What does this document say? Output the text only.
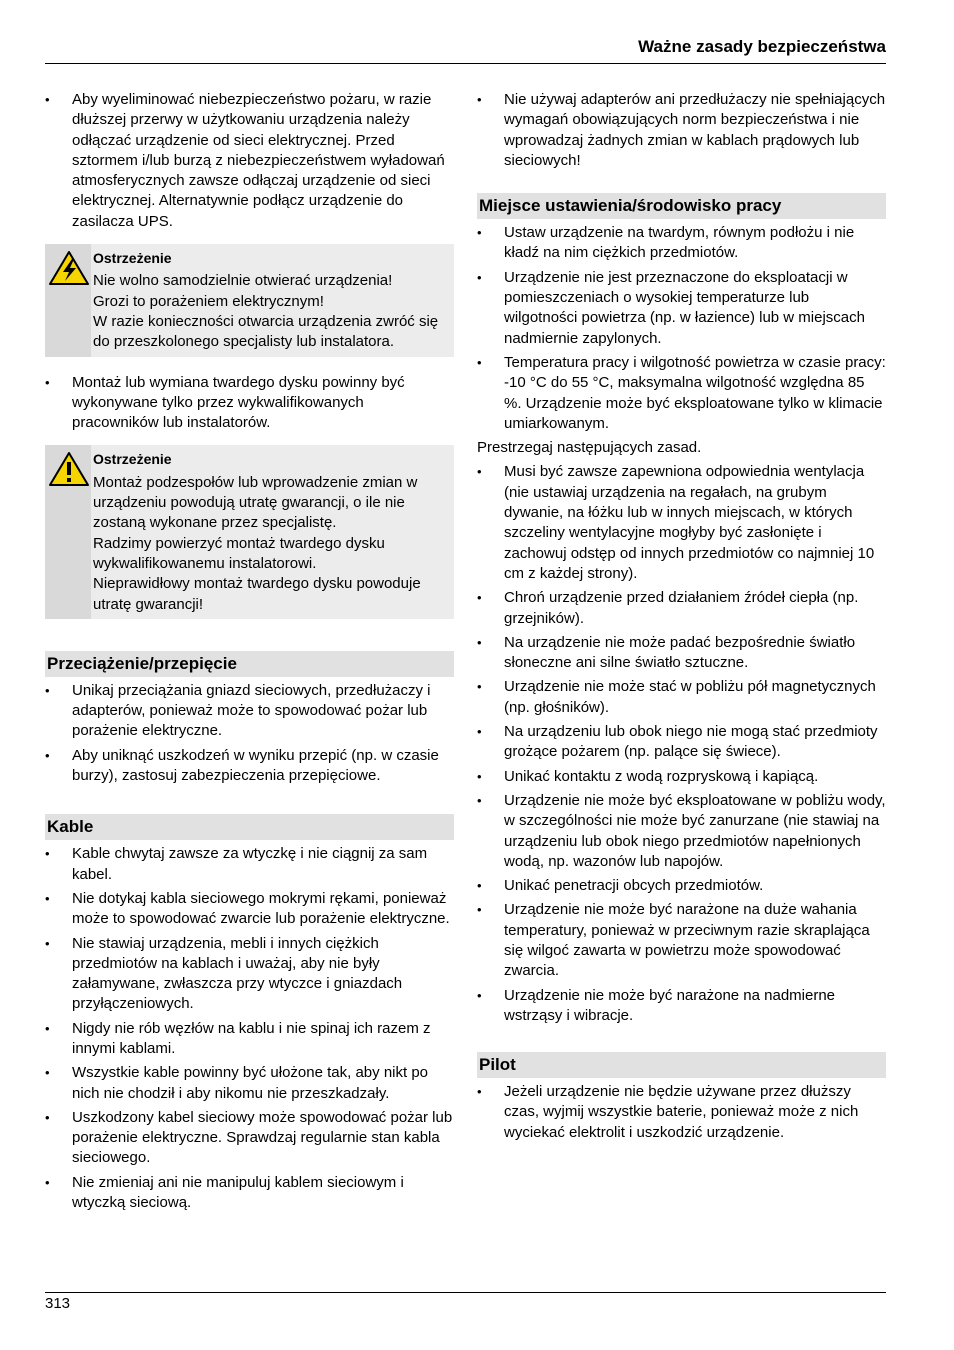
Ważne zasady bezpieczeństwa
• Aby wyeliminować niebezpieczeństwo pożaru, w razie dłuższej przerwy w użytkowaniu urządzenia należy odłączać urządzenie od sieci elektrycznej. Przed sztormem i/lub burzą z niebezpieczeństwem wyładowań atmosferycznych zawsze odłączaj urządzenie od sieci elektrycznej. Alternatywnie podłącz urządzenie do zasilacza UPS.
Ostrzeżenie
Nie wolno samodzielnie otwierać urządzenia!
Grozi to porażeniem elektrycznym!
W razie konieczności otwarcia urządzenia zwróć się do przeszkolonego specjalisty lub instalatora.
• Montaż lub wymiana twardego dysku powinny być wykonywane tylko przez wykwalifikowanych pracowników lub instalatorów.
Ostrzeżenie
Montaż podzespołów lub wprowadzenie zmian w urządzeniu powodują utratę gwarancji, o ile nie zostaną wykonane przez specjalistę.
Radzimy powierzyć montaż twardego dysku wykwalifikowanemu instalatorowi.
Nieprawidłowy montaż twardego dysku powoduje utratę gwarancji!
Przeciążenie/przepięcie
• Unikaj przeciążania gniazd sieciowych, przedłużaczy i adapterów, ponieważ może to spowodować pożar lub porażenie elektryczne.
• Aby uniknąć uszkodzeń w wyniku przepić (np. w czasie burzy), zastosuj zabezpieczenia przepięciowe.
Kable
• Kable chwytaj zawsze za wtyczkę i nie ciągnij za sam kabel.
• Nie dotykaj kabla sieciowego mokrymi rękami, ponieważ może to spowodować zwarcie lub porażenie elektryczne.
• Nie stawiaj urządzenia, mebli i innych ciężkich przedmiotów na kablach i uważaj, aby nie były załamywane, zwłaszcza przy wtyczce i gniazdach przyłączeniowych.
• Nigdy nie rób węzłów na kablu i nie spinaj ich razem z innymi kablami.
• Wszystkie kable powinny być ułożone tak, aby nikt po nich nie chodził i aby nikomu nie przeszkadzały.
• Uszkodzony kabel sieciowy może spowodować pożar lub porażenie elektryczne. Sprawdzaj regularnie stan kabla sieciowego.
• Nie zmieniaj ani nie manipuluj kablem sieciowym i wtyczką sieciową.
• Nie używaj adapterów ani przedłużaczy nie spełniających wymagań obowiązujących norm bezpieczeństwa i nie wprowadzaj żadnych zmian w kablach prądowych lub sieciowych!
Miejsce ustawienia/środowisko pracy
• Ustaw urządzenie na twardym, równym podłożu i nie kładź na nim ciężkich przedmiotów.
• Urządzenie nie jest przeznaczone do eksploatacji w pomieszczeniach o wysokiej temperaturze lub wilgotności powietrza (np. w łazience) lub w miejscach nadmiernie zapylonych.
• Temperatura pracy i wilgotność powietrza w czasie pracy:
-10 °C do 55 °C, maksymalna wilgotność względna 85 %. Urządzenie może być eksploatowane tylko w klimacie umiarkowanym.

Prestrzegaj następujących zasad.

• Musi być zawsze zapewniona odpowiednia wentylacja (nie ustawiaj urządzenia na regałach, na grubym dywanie, na łóżku lub w innych miejscach, w których szczeliny wentylacyjne mogłyby być zasłonięte i zachowuj odstęp od innych przedmiotów co najmniej 10 cm z każdej strony).
• Chroń urządzenie przed działaniem źródeł ciepła (np. grzejników).
• Na urządzenie nie może padać bezpośrednie światło słoneczne ani silne światło sztuczne.
• Urządzenie nie może stać w pobliżu pół magnetycznych (np. głośników).
• Na urządzeniu lub obok niego nie mogą stać przedmioty grożące pożarem (np. palące się świece).
• Unikać kontaktu z wodą rozpryskową i kapiącą.
• Urządzenie nie może być eksploatowane w pobliżu wody, w szczególności nie może być zanurzane (nie stawiaj na urządzeniu lub obok niego przedmiotów napełnionych wodą, np. wazonów lub napojów.
• Unikać penetracji obcych przedmiotów.
• Urządzenie nie może być narażone na duże wahania temperatury, ponieważ w przeciwnym razie skraplająca się wilgoć zawarta w powietrzu może spowodować zwarcia.
• Urządzenie nie może być narażone na nadmierne wstrząsy i wibracje.
Pilot
• Jeżeli urządzenie nie będzie używane przez dłuższy czas, wyjmij wszystkie baterie, ponieważ może z nich wyciekać elektrolit i uszkodzić urządzenie.
313
